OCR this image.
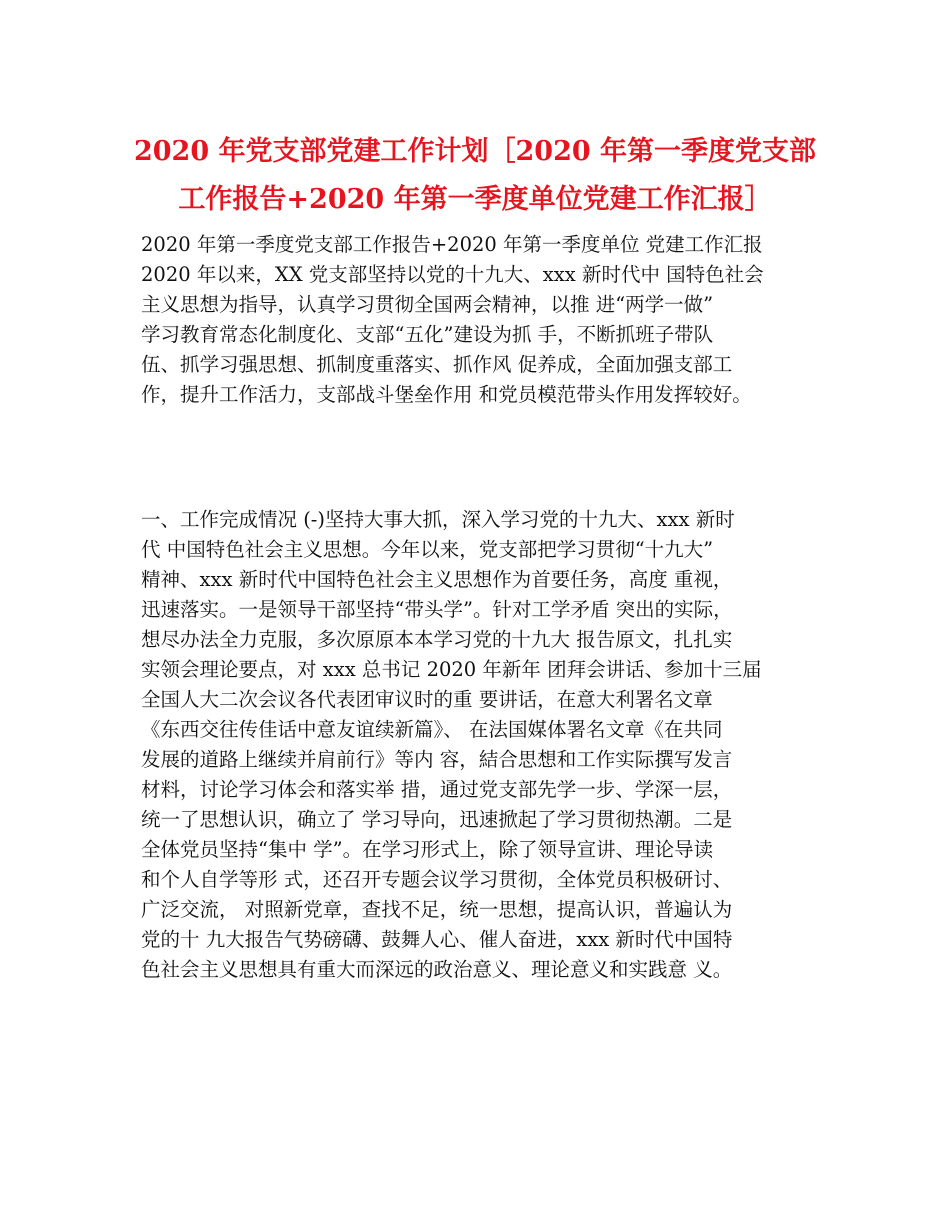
2020 年党支部党建工作计划［2020 年第一季度党支部
工作报告+2020 年第一季度单位党建工作汇报］
2020 年第一季度党支部工作报告+2020 年第一季度单位 党建工作汇报
2020 年以来，XX 党支部坚持以党的十九大、xxx 新时代中 国特色社会
主义思想为指导，认真学习贯彻全国两会精神，以推 进“两学一做”
学习教育常态化制度化、支部“五化”建设为抓 手，不断抓班子带队
伍、抓学习强思想、抓制度重落实、抓作风 促养成，全面加强支部工
作，提升工作活力，支部战斗堡垒作用 和党员模范带头作用发挥较好。
一、工作完成情况 (-)坚持大事大抓，深入学习党的十九大、xxx 新时
代 中国特色社会主义思想。今年以来，党支部把学习贯彻“十九大”
精神、xxx 新时代中国特色社会主义思想作为首要任务，高度 重视，
迅速落实。一是领导干部坚持“带头学”。针对工学矛盾 突出的实际，
想尽办法全力克服，多次原原本本学习党的十九大 报告原文，扎扎实
实领会理论要点，对 xxx 总书记 2020 年新年 团拜会讲话、参加十三届
全国人大二次会议各代表团审议时的重 要讲话，在意大利署名文章
《东西交往传佳话中意友谊续新篇》、 在法国媒体署名文章《在共同
发展的道路上继续并肩前行》等内 容，結合思想和工作实际撰写发言
材料，讨论学习体会和落实举 措，通过党支部先学一步、学深一层，
统一了思想认识，确立了 学习导向，迅速掀起了学习贯彻热潮。二是
全体党员坚持“集中 学”。在学习形式上，除了领导宣讲、理论导读
和个人自学等形 式，还召开专题会议学习贯彻，全体党员积极研讨、
广泛交流， 对照新党章，查找不足，统一思想，提高认识，普遍认为
党的十 九大报告气势磅礴、鼓舞人心、催人奋进，xxx 新时代中国特
色社会主义思想具有重大而深远的政治意义、理论意义和实践意 义。
